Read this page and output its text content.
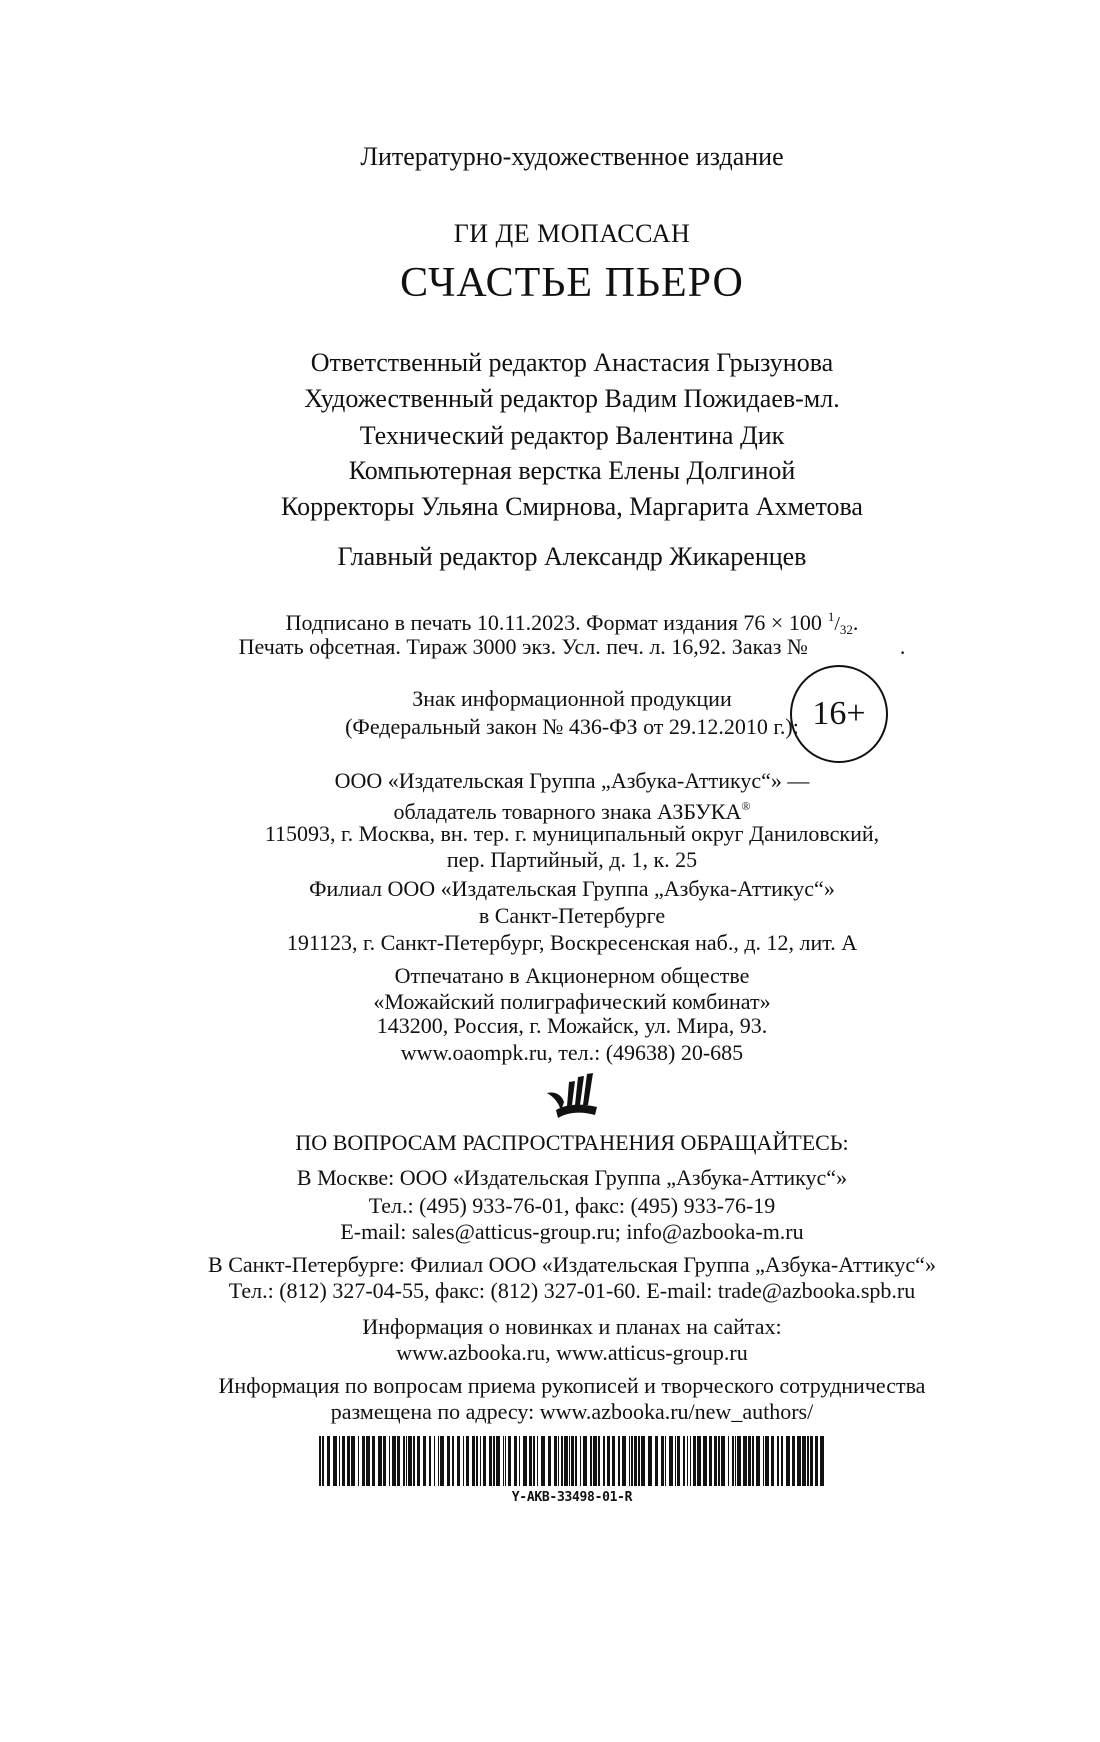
Литературно-художественное издание
ГИ ДЕ МОПАССАН
СЧАСТЬЕ ПЬЕРО
Ответственный редактор Анастасия Грызунова
Художественный редактор Вадим Пожидаев-мл.
Технический редактор Валентина Дик
Компьютерная верстка Елены Долгиной
Корректоры Ульяна Смирнова, Маргарита Ахметова
Главный редактор Александр Жикаренцев
Подписано в печать 10.11.2023. Формат издания 76 × 100 $^1$/32.
Печать офсетная. Тираж 3000 экз. Усл. печ. л. 16,92. Заказ №	.
Знак информационной продукции
(Федеральный закон № 436-ФЗ от 29.12.2010 г.): 16+
ООО «Издательская Группа „Азбука-Аттикус“» —
обладатель товарного знака АЗБУКА®
115093, г. Москва, вн. тер. г. муниципальный округ Даниловский,
пер. Партийный, д. 1, к. 25
Филиал ООО «Издательская Группа „Азбука-Аттикус“»
в Санкт-Петербурге
191123, г. Санкт-Петербург, Воскресенская наб., д. 12, лит. А
Отпечатано в Акционерном обществе
«Можайский полиграфический комбинат»
143200, Россия, г. Можайск, ул. Мира, 93.
www.oaompk.ru, тел.: (49638) 20-685
ПО ВОПРОСАМ РАСПРОСТРАНЕНИЯ ОБРАЩАЙТЕСЬ:
В Москве: ООО «Издательская Группа „Азбука-Аттикус“»
Тел.: (495) 933-76-01, факс: (495) 933-76-19
E-mail: sales@atticus-group.ru; info@azbooka-m.ru
В Санкт-Петербурге: Филиал ООО «Издательская Группа „Азбука-Аттикус“»
Тел.: (812) 327-04-55, факс: (812) 327-01-60. E-mail: trade@azbooka.spb.ru
Информация о новинках и планах на сайтах:
www.azbooka.ru, www.atticus-group.ru
Информация по вопросам приема рукописей и творческого сотрудничества
размещена по адресу: www.azbooka.ru/new_authors/
Y-AKB-33498-01-R
